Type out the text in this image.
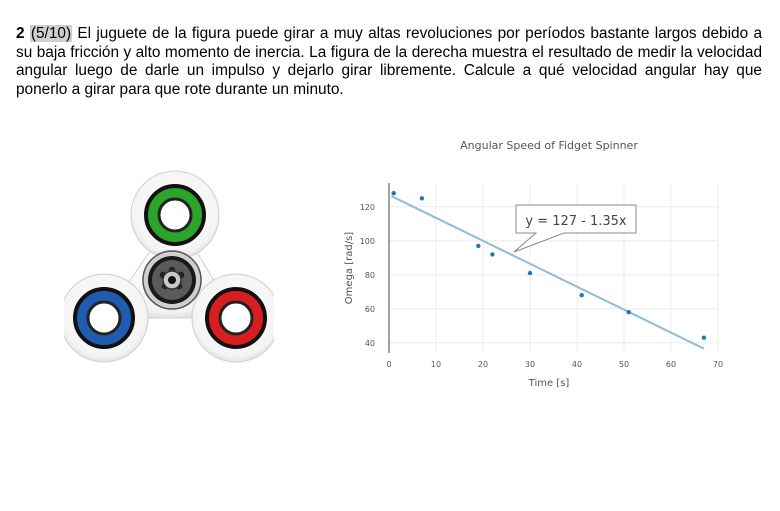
2 (5/10) El juguete de la figura puede girar a muy altas revoluciones por períodos bastante largos debido a su baja fricción y alto momento de inercia. La figura de la derecha muestra el resultado de medir la velocidad angular luego de darle un impulso y dejarlo girar libremente. Calcule a qué velocidad angular hay que ponerlo a girar para que rote durante un minuto.

Angular Speed of Fidget Spinner
0	10	20	30	40	50	60	70
40
60
80
100
120
y = 127 - 1.35x
Time [s]
Omega [rad/s]
